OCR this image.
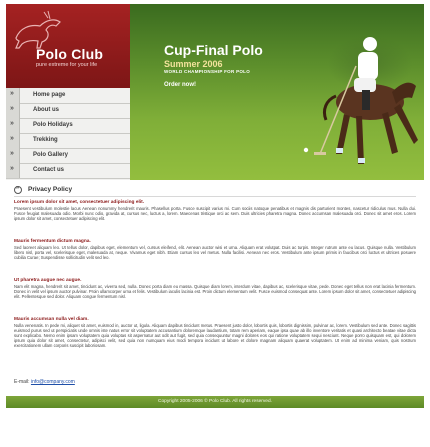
Polo Club
pure extreme for your life
Cup-Final Polo
Summer 2006
WORLD CHAMPIONSHIP FOR POLO
Order now!
»
Home page
»
About us
»
Polo Holidays
»
Trekking
»
Polo Gallery
»
Contact us
»
Privacy Policy
Lorem ipsum dolor sit amet, consectetuer adipiscing elit.
Praesent vestibulum molestie lacus Aenean nonummy hendrerit mauris. Phasellus porta. Fusce suscipit varius mi. Cum sociis natoque penatibus et magnis dis parturient montes, nascetur ridiculus mus. Nulla dui. Fusce feugiat malesuada odio. Morbi nunc odio, gravida at, cursus nec, luctus a, lorem. Maecenas tristique orci ac sem. Duis ultricies pharetra magna. Donec accumsan malesuada orci. Donec sit amet eros. Lorem ipsum dolor sit amet, consectetuer adipiscing elit.
Mauris fermentum dictum magna.
Sed laoreet aliquam leo. Ut tellus dolor, dapibus eget, elementum vel, cursus eleifend, elit. Aenean auctor wisi et urna. Aliquam erat volutpat. Duis ac turpis. Integer rutrum ante eu lacus. Quisque nulla. Vestibulum libero nisl, porta vel, scelerisque eget, malesuada at, neque. Vivamus eget nibh. Etiam cursus leo vel metus. Nulla facilisi. Aenean nec eros. Vestibulum ante ipsum primis in faucibus orci luctus et ultrices posuere cubilia Curae; Suspendisse sollicitudin velit sed leo.
Ut pharetra augue nec augue.
Nam elit magna, hendrerit sit amet, tincidunt ac, viverra sed, nulla. Donec porta diam eu massa. Quisque diam lorem, interdum vitae, dapibus ac, scelerisque vitae, pede. Donec eget tellus non erat lacinia fermentum. Donec in velit vel ipsum auctor pulvinar. Proin ullamcorper urna et felis. Vestibulum iaculis lacinia est. Proin dictum elementum velit. Fusce euismod consequat ante. Lorem ipsum dolor sit amet, consectetuer adipiscing elit. Pellentesque sed dolor. Aliquam congue fermentum nisl.
Mauris accumsan nulla vel diam.
Nulla venenatis. In pede mi, aliquet sit amet, euismod in, auctor ut, ligula. Aliquam dapibus tincidunt metus. Praesent justo dolor, lobortis quis, lobortis dignissim, pulvinar ac, lorem. Vestibulum sed ante. Donec sagittis euismod purus sed ut perspiciatis unde omnis iste natus error sit voluptatem accusantium doloremque laudantium, totam rem aperiam, eaque ipsa quae ab illo inventore veritatis et quasi architecto beatae vitae dicta sunt explicabo. Nemo enim ipsam voluptatem quia voluptas sit aspernatur aut odit aut fugit, sed quia consequuntur magni dolores eos qui ratione voluptatem sequi nesciunt. Neque porro quisquam est, qui dolorem ipsum quia dolor sit amet, consectetur, adipisci velit, sed quia non numquam eius modi tempora incidunt ut labore et dolore magnam aliquam quaerat voluptatem. Ut enim ad minima veniam, quis nostrum exercitationem ullam corporis suscipit laboriosam.
E-mail: info@company.com
Copyright 2005-2006 © Polo Club. All rights reserved.
